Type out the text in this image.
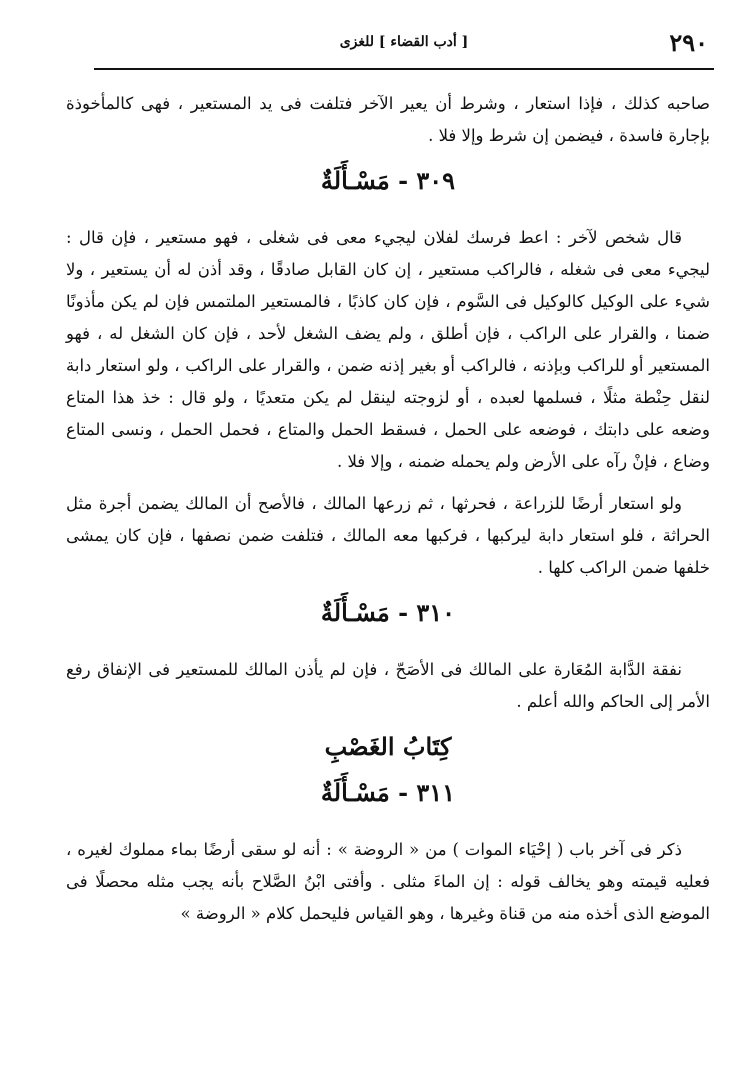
٢٩٠
[ أدب القضاء ] للغزى

صاحبه كذلك ، فإذا استعار ، وشرط أن يعير الآخر فتلفت فى يد المستعير ، فهى كالمأخوذة بإجارة فاسدة ، فيضمن إن شرط وإلا فلا .

٣٠٩ - مَسْـأَلَةٌ

قال شخص لآخر : اعط فرسك لفلان ليجيء معى فى شغلى ، فهو مستعير ، فإن قال : ليجيء معى فى شغله ، فالراكب مستعير ، إن كان القابل صادقًا ، وقد أذن له أن يستعير ، ولا شيء على الوكيل كالوكيل فى السَّوم ، فإن كان كاذبًا ، فالمستعير الملتمس فإن لم يكن مأذونًا ضمنا ، والقرار على الراكب ، فإن أطلق ، ولم يضف الشغل لأحد ، فإن كان الشغل له ، فهو المستعير أو للراكب وبإذنه ، فالراكب أو بغير إذنه ضمن ، والقرار على الراكب ، ولو استعار دابة لنقل حِنْطة مثلًا ، فسلمها لعبده ، أو لزوجته لينقل لم يكن متعديًا ، ولو قال : خذ هذا المتاع وضعه على دابتك ، فوضعه على الحمل ، فسقط الحمل والمتاع ، فحمل الحمل ، ونسى المتاع وضاع ، فإنْ رآه على الأرض ولم يحمله ضمنه ، وإلا فلا .

ولو استعار أرضًا للزراعة ، فحرثها ، ثم زرعها المالك ، فالأصح أن المالك يضمن أجرة مثل الحراثة ، فلو استعار دابة ليركبها ، فركبها معه المالك ، فتلفت ضمن نصفها ، فإن كان يمشى خلفها ضمن الراكب كلها .

٣١٠ - مَسْـأَلَةٌ

نفقة الدَّابة المُعَارة على المالك فى الأصَحّ ، فإن لم يأذن المالك للمستعير فى الإنفاق رفع الأمر إلى الحاكم والله أعلم .

كِتَابُ الغَصْبِ
٣١١ - مَسْـأَلَةٌ

ذكر فى آخر باب ( إحْيَاء الموات ) من « الروضة » : أنه لو سقى أرضًا بماء مملوك لغيره ، فعليه قيمته وهو يخالف قوله : إن الماءَ مثلى . وأفتى ابْنُ الصَّلاح بأنه يجب مثله محصلًا فى الموضع الذى أخذه منه من قناة وغيرها ، وهو القياس فليحمل كلام « الروضة »
